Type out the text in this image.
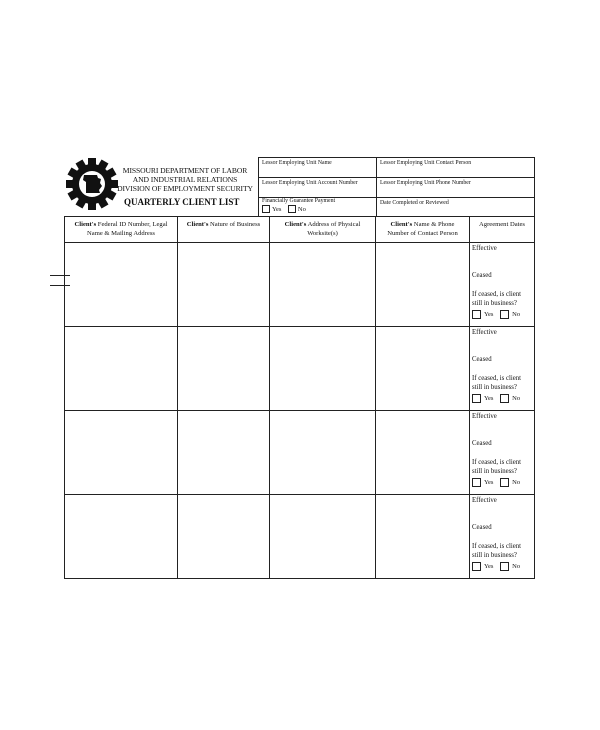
MISSOURI DEPARTMENT OF LABOR
AND INDUSTRIAL RELATIONS
DIVISION OF EMPLOYMENT SECURITY
QUARTERLY CLIENT LIST
Lessor Employing Unit Name	Lessor Employing Unit Contact Person

Lessor Employing Unit Account Number	Lessor Employing Unit Phone Number

Financially Guarantee Payment
Yes No	Date Completed or Reviewed
Client's Federal ID Number, Legal Name & Mailing Address	Client's Nature of Business	Client's Address of Physical Worksite(s)	Client's Name & Phone Number of Contact Person	Agreement Dates

				Effective
Ceased
If ceased, is client still in business?
Yes No

				Effective
Ceased
If ceased, is client still in business?
Yes No

				Effective
Ceased
If ceased, is client still in business?
Yes No

				Effective
Ceased
If ceased, is client still in business?
Yes No
